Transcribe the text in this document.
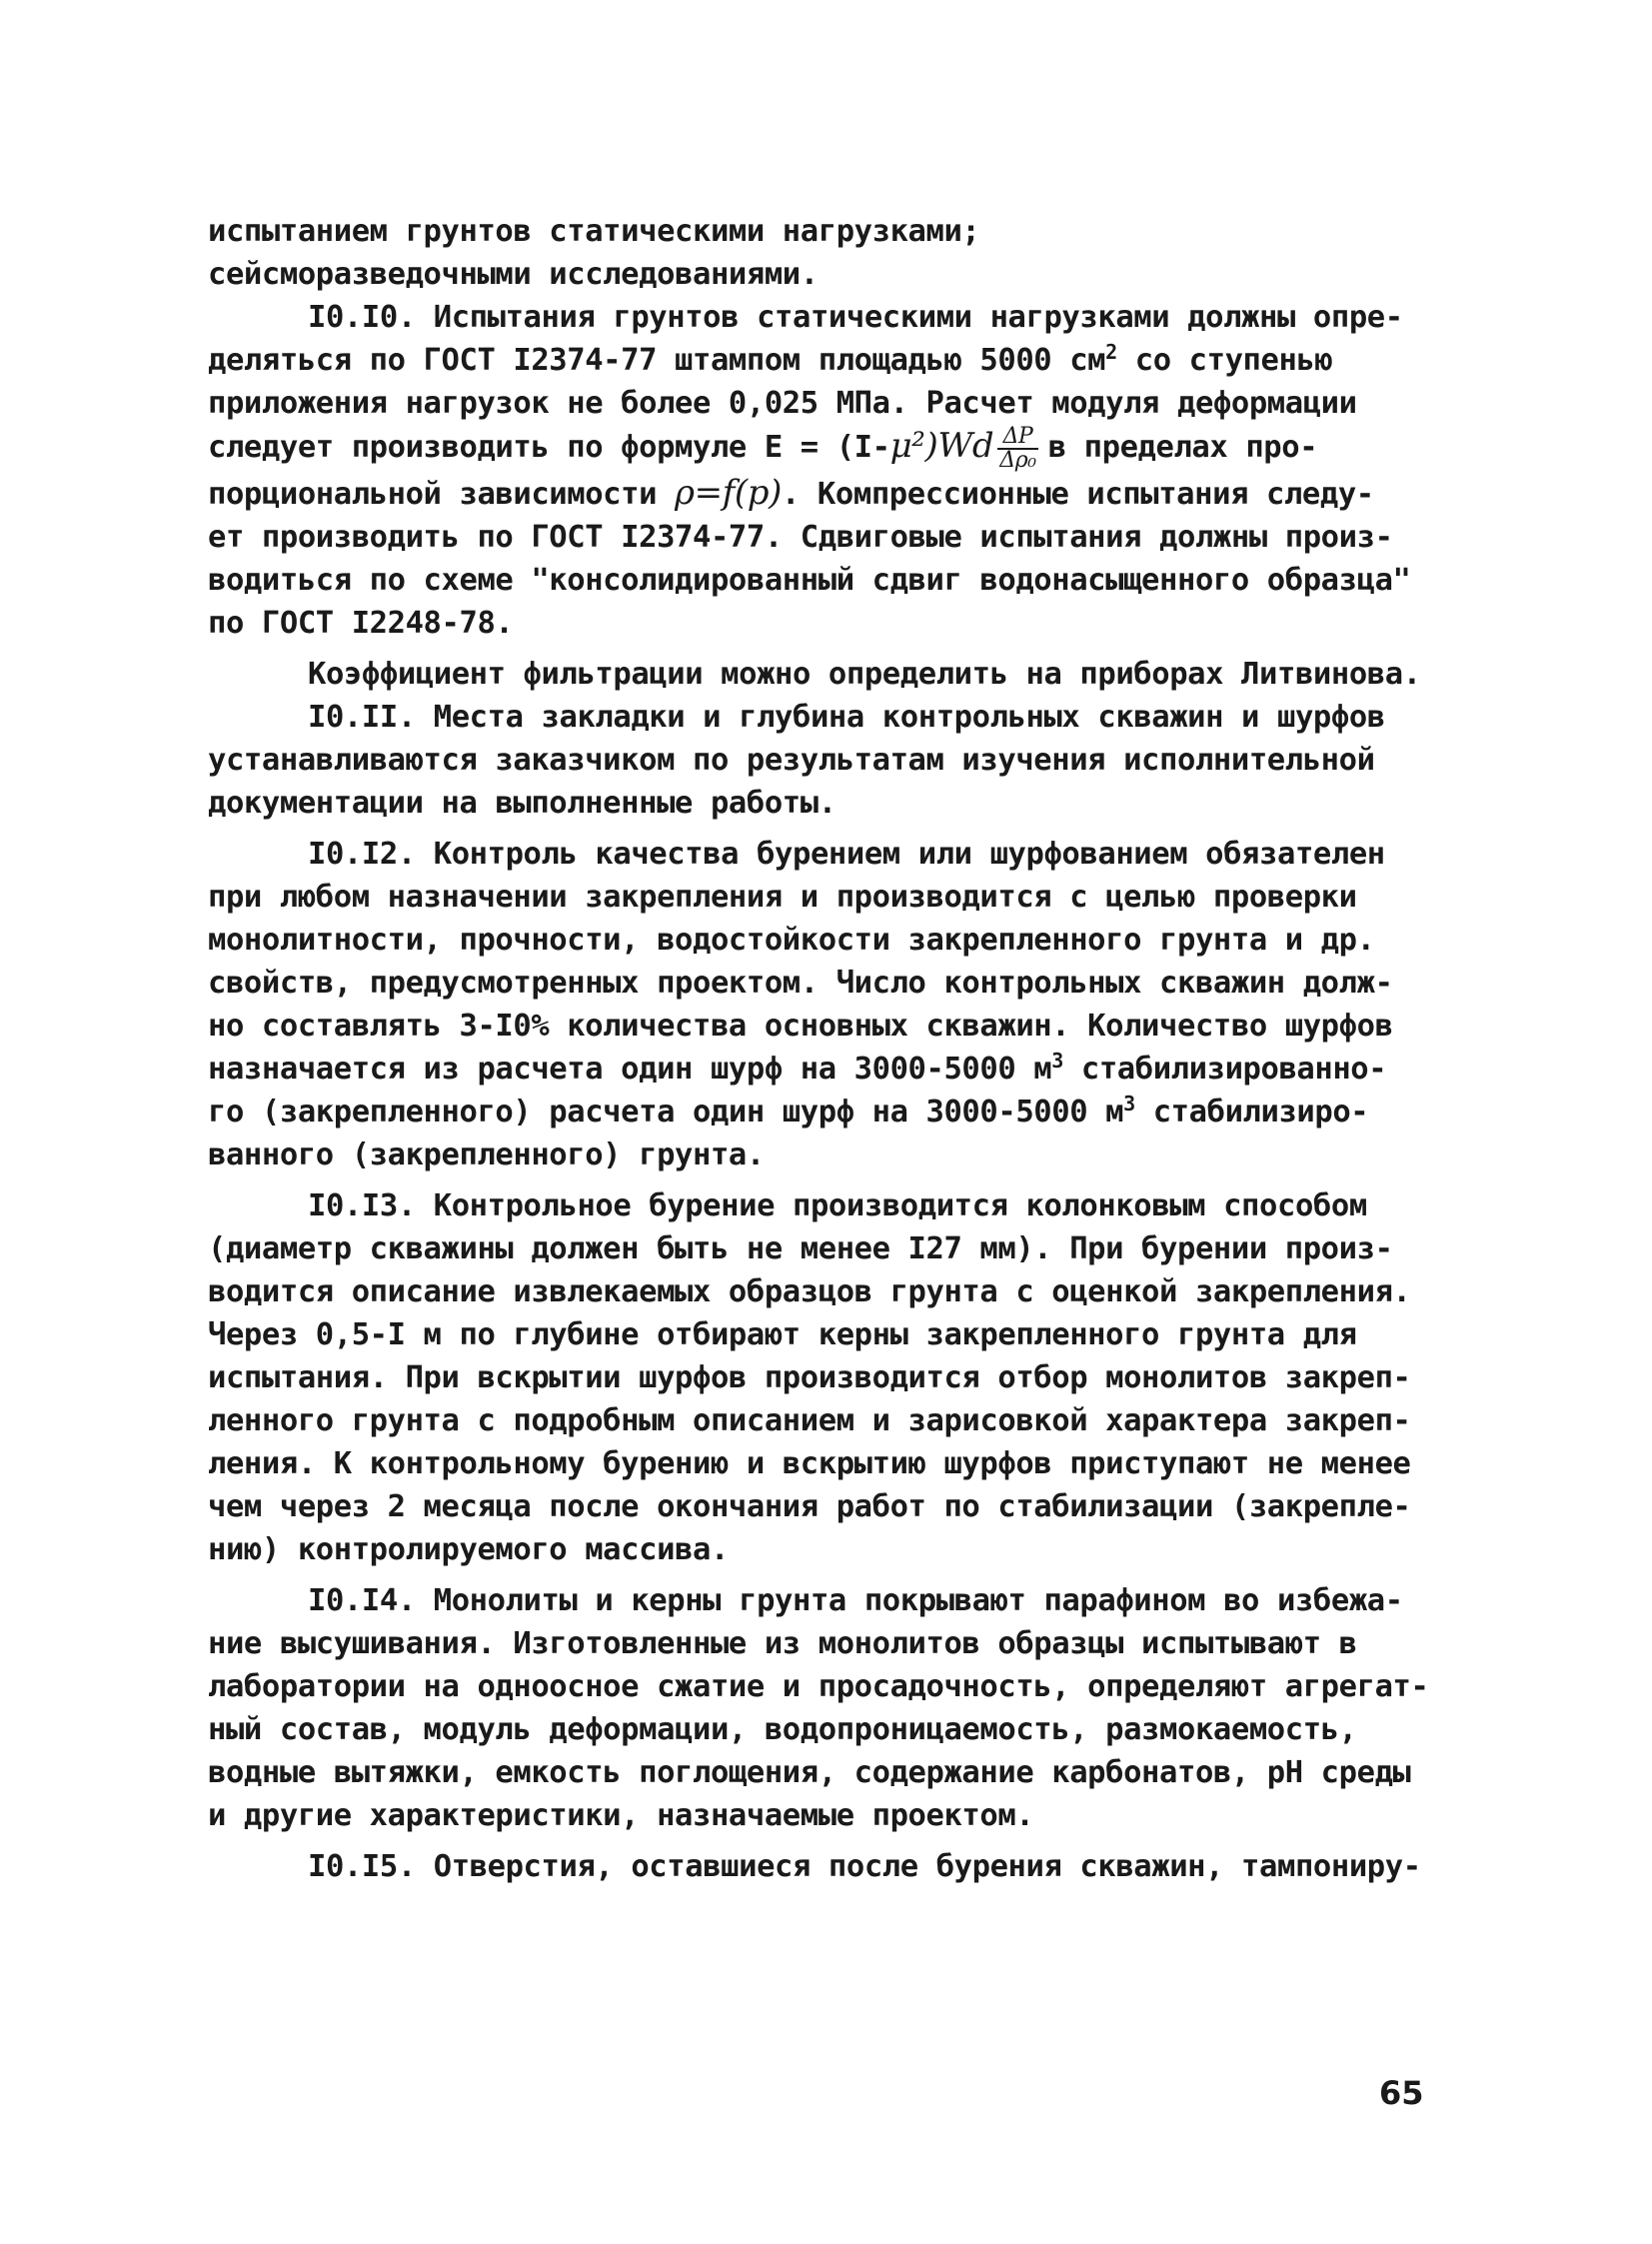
испытанием грунтов статическими нагрузками;
сейсморазведочными исследованиями.
I0.I0. Испытания грунтов статическими нагрузками должны опре-
деляться по ГОСТ I2374-77 штампом площадью 5000 $см^2$ со ступенью
приложения нагрузок не более 0,025 МПа. Расчет модуля деформации
следует производить по формуле $Е = (I-\mu^2)Wd \frac{\Delta P}{\text{Δρ₀}}$ в пределах про-
порциональной зависимости ρ=f(p). Компрессионные испытания следу-
ет производить по ГОСТ I2374-77. Сдвиговые испытания должны произ-
водиться по схеме "консолидированный сдвиг водонасыщенного образца"
по ГОСТ I2248-78.
Коэффициент фильтрации можно определить на приборах Литвинова.
I0.II. Места закладки и глубина контрольных скважин и шурфов
устанавливаются заказчиком по результатам изучения исполнительной
документации на выполненные работы.
I0.I2. Контроль качества бурением или шурфованием обязателен
при любом назначении закрепления и производится с целью проверки
монолитности, прочности, водостойкости закрепленного грунта и др.
свойств, предусмотренных проектом. Число контрольных скважин долж-
но составлять 3-I0% количества основных скважин. Количество шурфов
назначается из расчета один шурф на 3000-5000 $м^3$ стабилизированно-
го (закрепленного) расчета один шурф на 3000-5000 $м^3$ стабилизиро-
ванного (закрепленного) грунта.
I0.I3. Контрольное бурение производится колонковым способом
(диаметр скважины должен быть не менее I27 мм). При бурении произ-
водится описание извлекаемых образцов грунта с оценкой закрепления.
Через 0,5-I м по глубине отбирают керны закрепленного грунта для
испытания. При вскрытии шурфов производится отбор монолитов закреп-
ленного грунта с подробным описанием и зарисовкой характера закреп-
ления. К контрольному бурению и вскрытию шурфов приступают не менее
чем через 2 месяца после окончания работ по стабилизации (закрепле-
нию) контролируемого массива.
I0.I4. Монолиты и керны грунта покрывают парафином во избежа-
ние высушивания. Изготовленные из монолитов образцы испытывают в
лаборатории на одноосное сжатие и просадочность, определяют агрегат-
ный состав, модуль деформации, водопроницаемость, размокаемость,
водные вытяжки, емкость поглощения, содержание карбонатов, pH среды
и другие характеристики, назначаемые проектом.
I0.I5. Отверстия, оставшиеся после бурения скважин, тампониру-
65
